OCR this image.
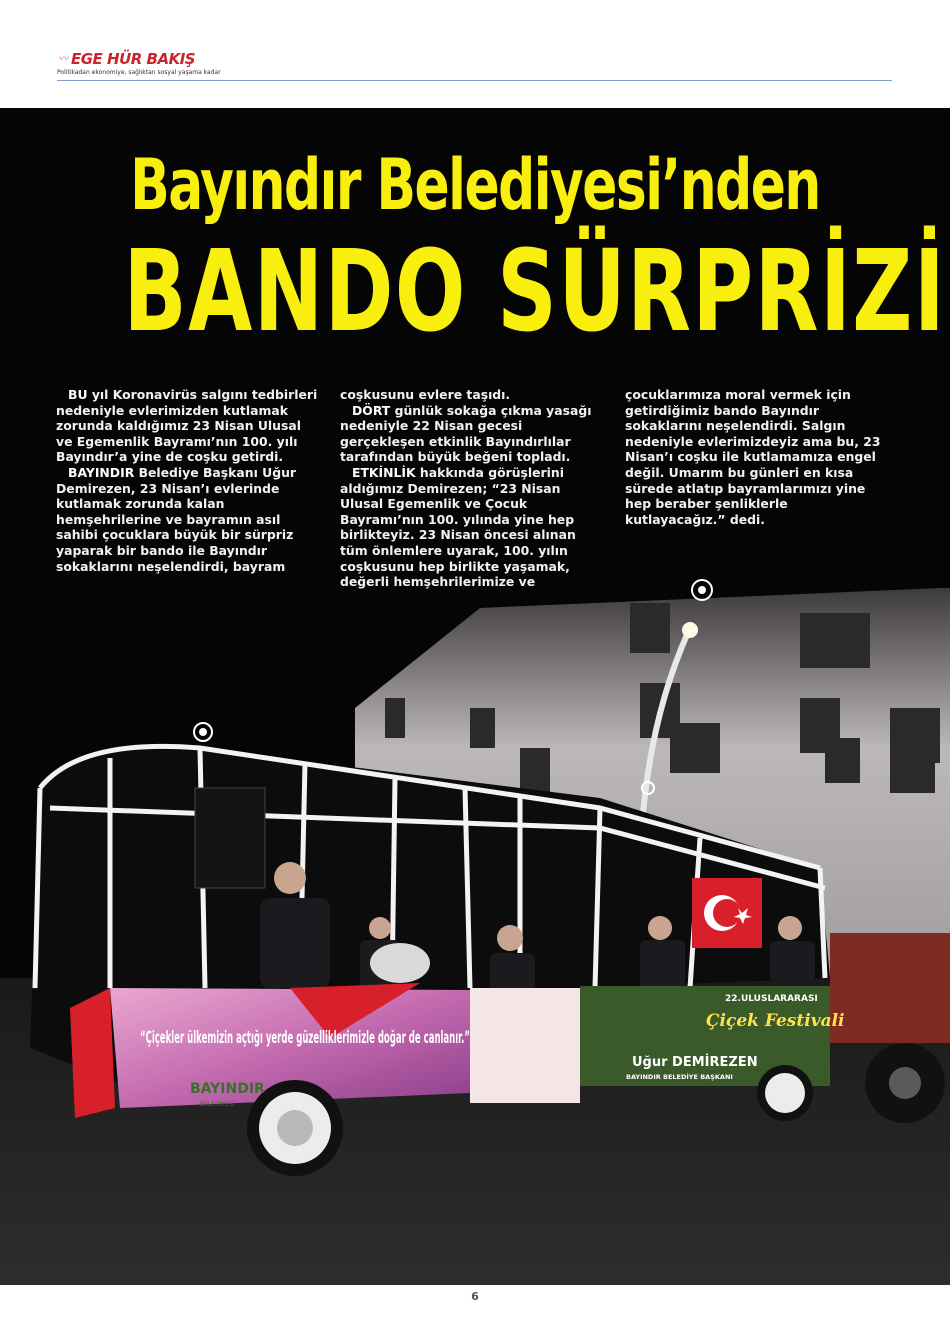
〰 EGE HÜR BAKIŞ
Politikadan ekonomiye, sağlıktan sosyal yaşama kadar
“Çiçekler ülkemizin açtığı yerde güzelliklerimizle doğar de canlanır.”
BAYINDIR
BELEDİYESİ
22.ULUSLARARASI
Çiçek Festivali
Uğur DEMİREZEN
BAYINDIR BELEDİYE BAŞKANI
Bayındır Belediyesi’nden
BANDO SÜRPRİZİ

BU yıl Koronavirüs salgını tedbirleri nedeniyle evlerimizden kutlamak zorunda kaldığımız 23 Nisan Ulusal ve Egemenlik Bayramı’nın 100. yılı Bayındır’a yine de coşku getirdi.

BAYINDIR Belediye Başkanı Uğur Demirezen, 23 Nisan’ı evlerinde kutlamak zorunda kalan hemşehrilerine ve bayramın asıl sahibi çocuklara büyük bir sürpriz yaparak bir bando ile Bayındır sokaklarını neşelendirdi, bayram

coşkusunu evlere taşıdı.

DÖRT günlük sokağa çıkma yasağı nedeniyle 22 Nisan gecesi gerçekleşen etkinlik Bayındırlılar tarafından büyük beğeni topladı.

ETKİNLİK hakkında görüşlerini aldığımız Demirezen; “23 Nisan Ulusal Egemenlik ve Çocuk Bayramı’nın 100. yılında yine hep birlikteyiz. 23 Nisan öncesi alınan tüm önlemlere uyarak, 100. yılın coşkusunu hep birlikte yaşamak, değerli hemşehrilerimize ve

çocuklarımıza moral vermek için getirdiğimiz bando Bayındır sokaklarını neşelendirdi. Salgın nedeniyle evlerimizdeyiz ama bu, 23 Nisan’ı coşku ile kutlamamıza engel değil. Umarım bu günleri en kısa sürede atlatıp bayramlarımızı yine hep beraber şenliklerle kutlayacağız.” dedi.

6
